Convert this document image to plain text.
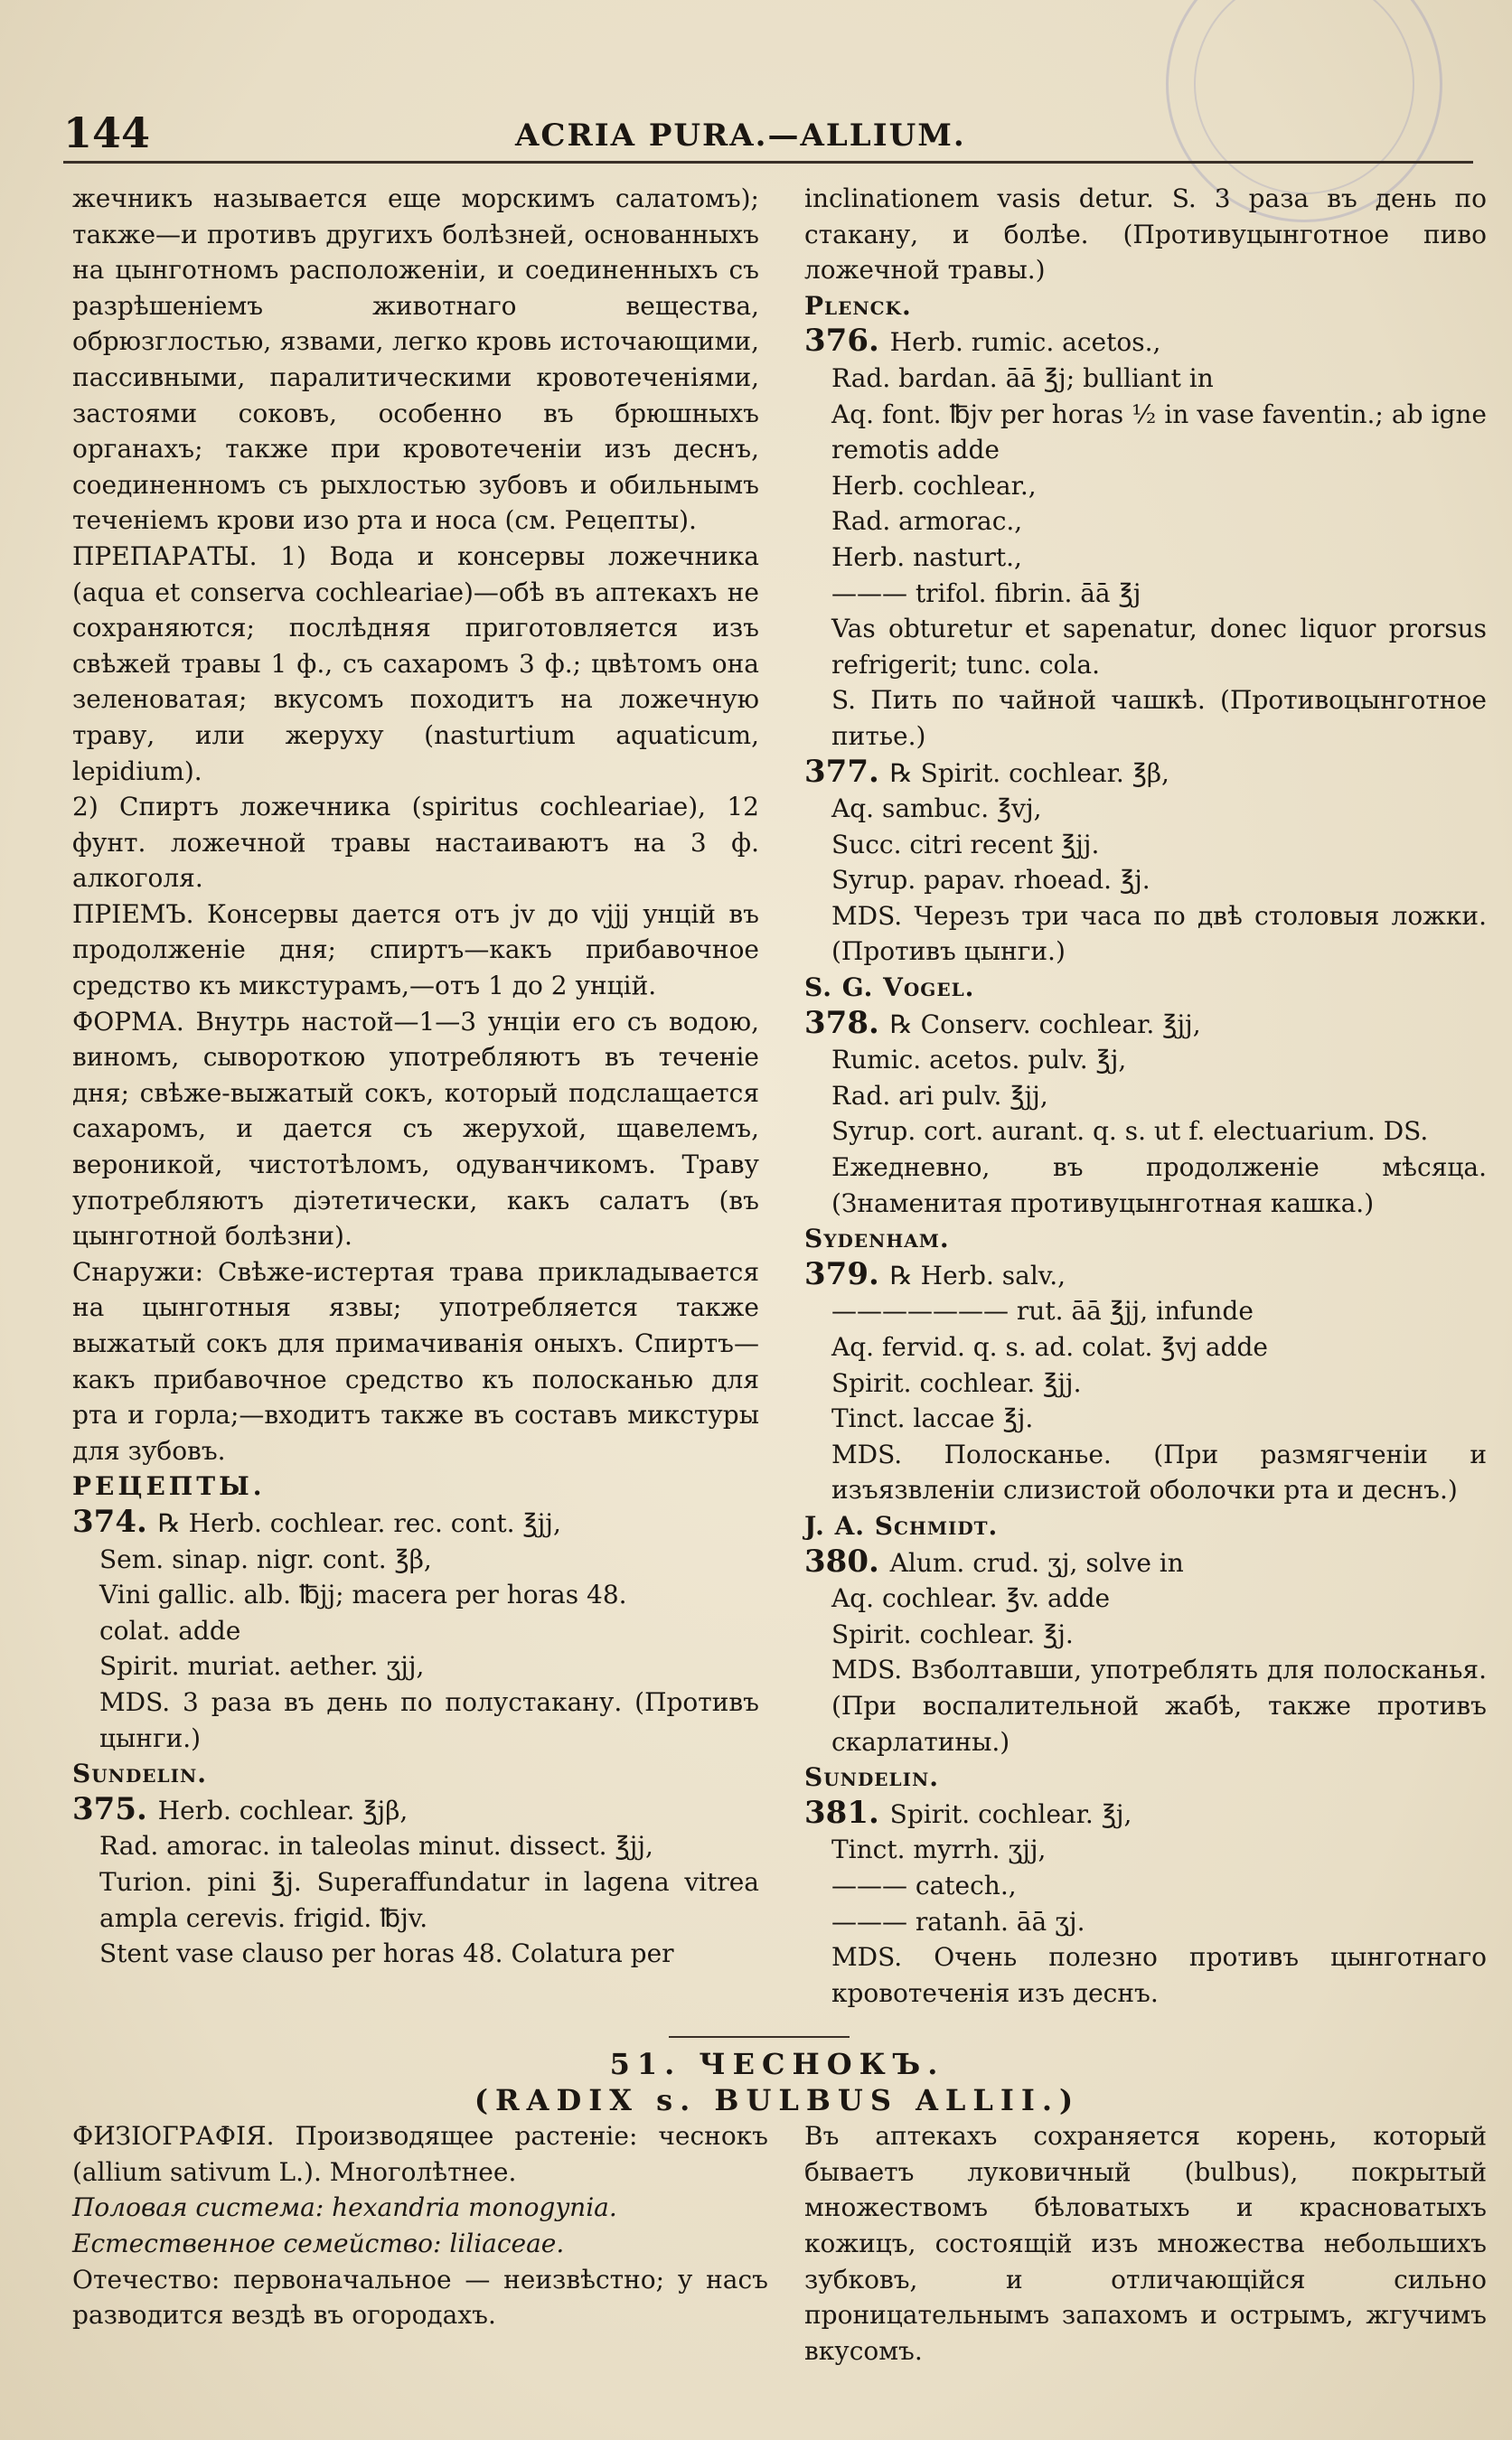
144	ACRIA PURA.—ALLIUM.

жечникъ называется еще морскимъ салатомъ); также—и противъ другихъ болѣзней, основанныхъ на цынготномъ расположеніи, и соединенныхъ съ разрѣшеніемъ животнаго вещества, обрюзглостью, язвами, легко кровь источающими, пассивными, паралитическими кровотеченіями, застоями соковъ, особенно въ брюшныхъ органахъ; также при кровотеченіи изъ деснъ, соединенномъ съ рыхлостью зубовъ и обильнымъ теченіемъ крови изо рта и носа (см. Рецепты).

ПРЕПАРАТЫ. 1) Вода и консервы ложечника (aqua et conserva cochleariae)—обѣ въ аптекахъ не сохраняются; послѣдняя приготовляется изъ свѣжей травы 1 ф., съ сахаромъ 3 ф.; цвѣтомъ она зеленоватая; вкусомъ походитъ на ложечную траву, или жеруху (nasturtium aquaticum, lepidium).

2) Спиртъ ложечника (spiritus cochleariae), 12 фунт. ложечной травы настаиваютъ на 3 ф. алкоголя.

ПРІЕМЪ. Консервы дается отъ jv до vjjj унцій въ продолженіе дня; спиртъ—какъ прибавочное средство къ микстурамъ,—отъ 1 до 2 унцій.

ФОРМА. Внутрь настой—1—3 унціи его съ водою, виномъ, сывороткою употребляютъ въ теченіе дня; свѣже-выжатый сокъ, который подслащается сахаромъ, и дается съ жерухой, щавелемъ, вероникой, чистотѣломъ, одуванчикомъ. Траву употребляютъ діэтетически, какъ салатъ (въ цынготной болѣзни).

Снаружи: Свѣже-истертая трава прикладывается на цынготныя язвы; употребляется также выжатый сокъ для примачиванія оныхъ. Спиртъ—какъ прибавочное средство къ полосканью для рта и горла;—входитъ также въ составъ микстуры для зубовъ.

РЕЦЕПТЫ.

374.

℞ Herb. cochlear. rec. cont. ℥jj,

Sem. sinap. nigr. cont. ℥β,

Vini gallic. alb. ℔jj; macera per horas 48.

colat. adde

Spirit. muriat. aether. ʒjj,

MDS. 3 раза въ день по полустакану. (Противъ цынги.)

Sundelin.

375.

Herb. cochlear. ℥jβ,

Rad. amorac. in taleolas minut. dissect. ℥jj,

Turion. pini ℥j. Superaffundatur in lagena vitrea ampla cerevis. frigid. ℔jv.

Stent vase clauso per horas 48. Colatura per

inclinationem vasis detur. S. 3 раза въ день по стакану, и болѣе. (Противуцынготное пиво ложечной травы.)

Plenck.

376.

Herb. rumic. acetos.,

Rad. bardan. āā ℥j; bulliant in

Aq. font. ℔jv per horas ½ in vase faventin.; ab igne remotis adde

Herb. cochlear.,

Rad. armorac.,

Herb. nasturt.,

——— trifol. fibrin. āā ℥j

Vas obturetur et sapenatur, donec liquor prorsus refrigerit; tunc. cola.

S. Пить по чайной чашкѣ. (Противоцынготное питье.)

377.

℞ Spirit. cochlear. ℥β,

Aq. sambuc. ℥vj,

Succ. citri recent ℥jj.

Syrup. papav. rhoead. ℥j.

MDS. Черезъ три часа по двѣ столовыя ложки. (Противъ цынги.)

S. G. Vogel.

378.

℞ Conserv. cochlear. ℥jj,

Rumic. acetos. pulv. ℥j,

Rad. ari pulv. ℥jj,

Syrup. cort. aurant. q. s. ut f. electuarium. DS.

Ежедневно, въ продолженіе мѣсяца. (Знаменитая противуцынготная кашка.)

Sydenham.

379.

℞ Herb. salv.,

——————— rut. āā ℥jj, infunde

Aq. fervid. q. s. ad. colat. ℥vj adde

Spirit. cochlear. ℥jj.

Tinct. laccae ℥j.

MDS. Полосканье. (При размягченіи и изъязвленіи слизистой оболочки рта и деснъ.)

J. A. Schmidt.

380.

Alum. crud. ʒj, solve in

Aq. cochlear. ℥v. adde

Spirit. cochlear. ℥j.

MDS. Взболтавши, употреблять для полосканья. (При воспалительной жабѣ, также противъ скарлатины.)

Sundelin.

381.

Spirit. cochlear. ℥j,

Tinct. myrrh. ʒjj,

——— catech.,

——— ratanh. āā ʒj.

MDS. Очень полезно противъ цынготнаго кровотеченія изъ деснъ.

51. ЧЕСНОКЪ.
(RADIX s. BULBUS ALLII.)

ФИЗІОГРАФІЯ. Производящее растеніе: чеснокъ (allium sativum L.). Многолѣтнее.

Половая система: hexandria monogynia.

Естественное семейство: liliaceae.

Отечество: первоначальное — неизвѣстно; у насъ разводится вездѣ въ огородахъ.

Въ аптекахъ сохраняется корень, который бываетъ луковичный (bulbus), покрытый множествомъ бѣловатыхъ и красноватыхъ кожицъ, состоящій изъ множества небольшихъ зубковъ, и отличающійся сильно проницательнымъ запахомъ и острымъ, жгучимъ вкусомъ.
